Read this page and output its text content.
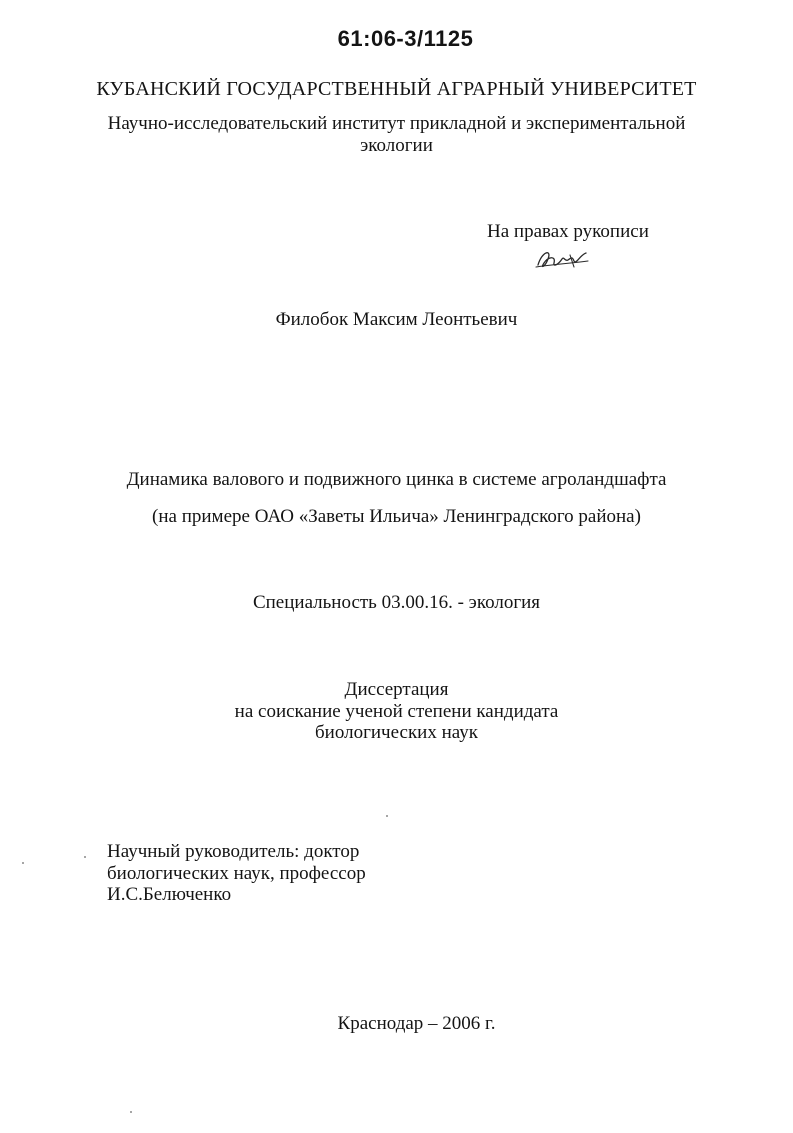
61:06-3/1125
КУБАНСКИЙ ГОСУДАРСТВЕННЫЙ АГРАРНЫЙ УНИВЕРСИТЕТ
Научно-исследовательский институт прикладной и экспериментальной
экологии
На правах рукописи
Филобок Максим Леонтьевич
Динамика валового и подвижного цинка в системе агроландшафта
(на примере ОАО «Заветы Ильича» Ленинградского района)
Специальность 03.00.16. - экология
Диссертация
на соискание ученой степени кандидата
биологических наук
Научный руководитель: доктор
биологических наук, профессор
И.С.Белюченко
Краснодар – 2006 г.
